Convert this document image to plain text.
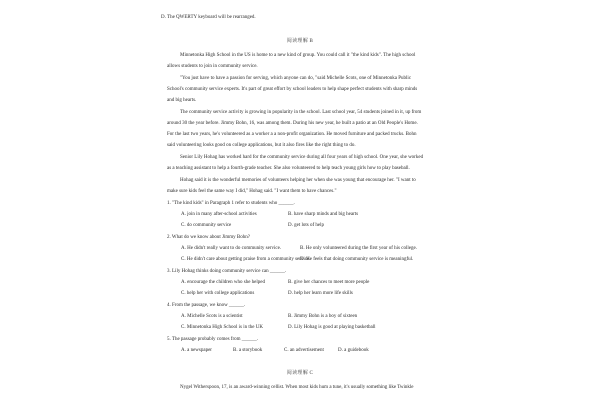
D. The QWERTY keyboard will be rearranged.
阅读理解 B
Minnetonka High School in the US is home to a new kind of group. You could call it "the kind kids". The high school
allows students to join in community service.
"You just have to have a passion for serving, which anyone can do, "said Michelle Scots, one of Minnetonka Public
School's community service experts. It's part of great effort by school leaders to help shape perfect students with sharp minds
and big hearts.
The community service activity is growing in popularity in the school. Last school year, 54 students joined in it, up from
around 30 the year before. Jimmy Bohn, 16, was among them. During his new year, he built a patio at an Old People's Home.
For the last two years, he's volunteered as a worker a a non-profit organization. He moved furniture and packed trucks. Bohn
said volunteering looks good on college applications, but it also fires like the right thing to do.
Senior Lily Hohag has worked hard for the community service during all four years of high school. One year, she worked
as a teaching assistant to help a fourth-grade teacher. She also volunteered to help teach young girls how to play baseball.
Hohag said it is the wonderful memories of volunteers helping her when she was young that encourage her. "I want to
make sure kids feel the same way I did," Hohag said. "I want them to have chances."
1. "The kind kids" in Paragraph 1 refer to students who ______.
A. join in many after-school activities	B. have sharp minds and big hearts
C. do community service	D. get lots of help
2. What do we know about Jimmy Bohn?
A. He didn't really want to do community service.	B. He only volunteered during the first year of his college.
C. He didn't care about getting praise from a community service.
D. He feels that doing community service is meaningful.
3. Lily Hohag thinks doing community service can ______.
A. encourage the children who she helped	B. give her chances to meet more people
C. help her with college applications	D. help her learn more life skills
4. From the passage, we know ______.
A. Michelle Scots is a scientist	B. Jimmy Bohn is a boy of sixteen
C. Minnetonka High School is in the UK	D. Lily Hohag is good at playing basketball
5. The passage probably comes from ______.
A. a newspaper	B. a storybook	C. an advertisement	D. a guidebook
阅读理解 C
Nygel Witherspoon, 17, is an award-winning cellist. When most kids hum a tune, it's usually something like Twinkle
